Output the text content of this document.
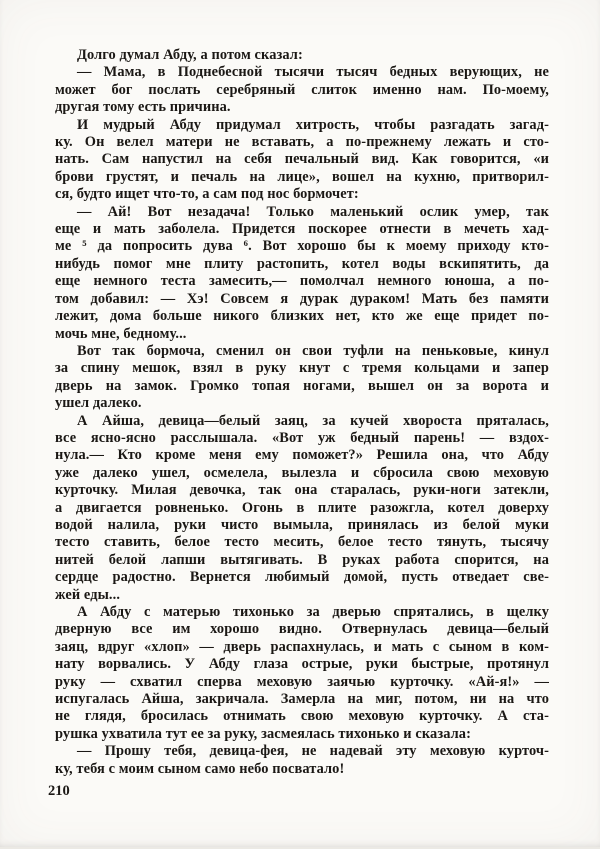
Долго думал Абду, а потом сказал:
— Мама, в Поднебесной тысячи тысяч бедных верующих, не
может бог послать серебряный слиток именно нам. По-моему,
другая тому есть причина.
И мудрый Абду придумал хитрость, чтобы разгадать загад-
ку. Он велел матери не вставать, а по-прежнему лежать и сто-
нать. Сам напустил на себя печальный вид. Как говорится, «и
брови грустят, и печаль на лице», вошел на кухню, притворил-
ся, будто ищет что-то, а сам под нос бормочет:
— Ай! Вот незадача! Только маленький ослик умер, так
еще и мать заболела. Придется поскорее отнести в мечеть хад-
ме ⁵ да попросить дува ⁶. Вот хорошо бы к моему приходу кто-
нибудь помог мне плиту растопить, котел воды вскипятить, да
еще немного теста замесить,— помолчал немного юноша, а по-
том добавил: — Хэ! Совсем я дурак дураком! Мать без памяти
лежит, дома больше никого близких нет, кто же еще придет по-
мочь мне, бедному...
Вот так бормоча, сменил он свои туфли на пеньковые, кинул
за спину мешок, взял в руку кнут с тремя кольцами и запер
дверь на замок. Громко топая ногами, вышел он за ворота и
ушел далеко.
А Айша, девица—белый заяц, за кучей хвороста пряталась,
все ясно-ясно расслышала. «Вот уж бедный парень! — вздох-
нула.— Кто кроме меня ему поможет?» Решила она, что Абду
уже далеко ушел, осмелела, вылезла и сбросила свою меховую
курточку. Милая девочка, так она старалась, руки-ноги затекли,
а двигается ровненько. Огонь в плите разожгла, котел доверху
водой налила, руки чисто вымыла, принялась из белой муки
тесто ставить, белое тесто месить, белое тесто тянуть, тысячу
нитей белой лапши вытягивать. В руках работа спорится, на
сердце радостно. Вернется любимый домой, пусть отведает све-
жей еды...
А Абду с матерью тихонько за дверью спрятались, в щелку
дверную все им хорошо видно. Отвернулась девица—белый
заяц, вдруг «хлоп» — дверь распахнулась, и мать с сыном в ком-
нату ворвались. У Абду глаза острые, руки быстрые, протянул
руку — схватил сперва меховую заячью курточку. «Ай-я!» —
испугалась Айша, закричала. Замерла на миг, потом, ни на что
не глядя, бросилась отнимать свою меховую курточку. А ста-
рушка ухватила тут ее за руку, засмеялась тихонько и сказала:
— Прошу тебя, девица-фея, не надевай эту меховую курточ-
ку, тебя с моим сыном само небо посватало!
210
